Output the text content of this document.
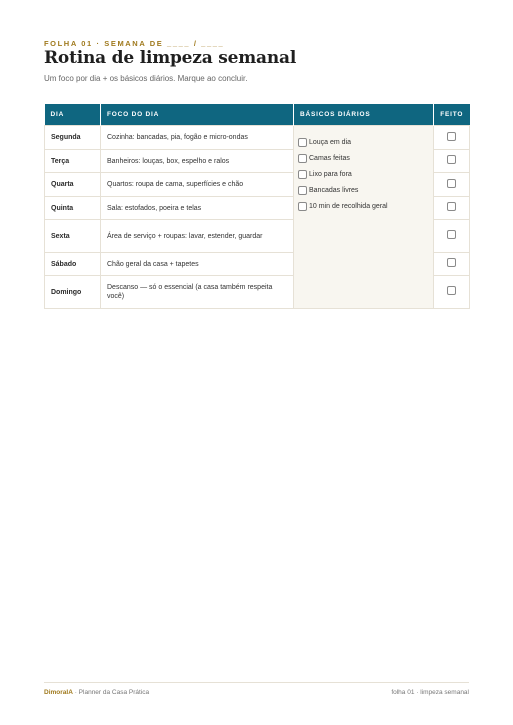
FOLHA 01 · SEMANA DE ____ / ____
Rotina de limpeza semanal
Um foco por dia + os básicos diários. Marque ao concluir.
DIA	FOCO DO DIA	BÁSICOS DIÁRIOS	FEITO
Segunda	Cozinha: bancadas, pia, fogão e micro-ondas	Louça em dia
Camas feitas
Lixo para fora
Bancadas livres
10 min de recolhida geral	

Terça	Banheiros: louças, box, espelho e ralos		
Quarta	Quartos: roupa de cama, superfícies e chão		
Quinta	Sala: estofados, poeira e telas		
Sexta	Área de serviço + roupas: lavar, estender, guardar		
Sábado	Chão geral da casa + tapetes		
Domingo	Descanso — só o essencial (a casa também respeita você)		
DimoraIA · Planner da Casa Prática	folha 01 · limpeza semanal
